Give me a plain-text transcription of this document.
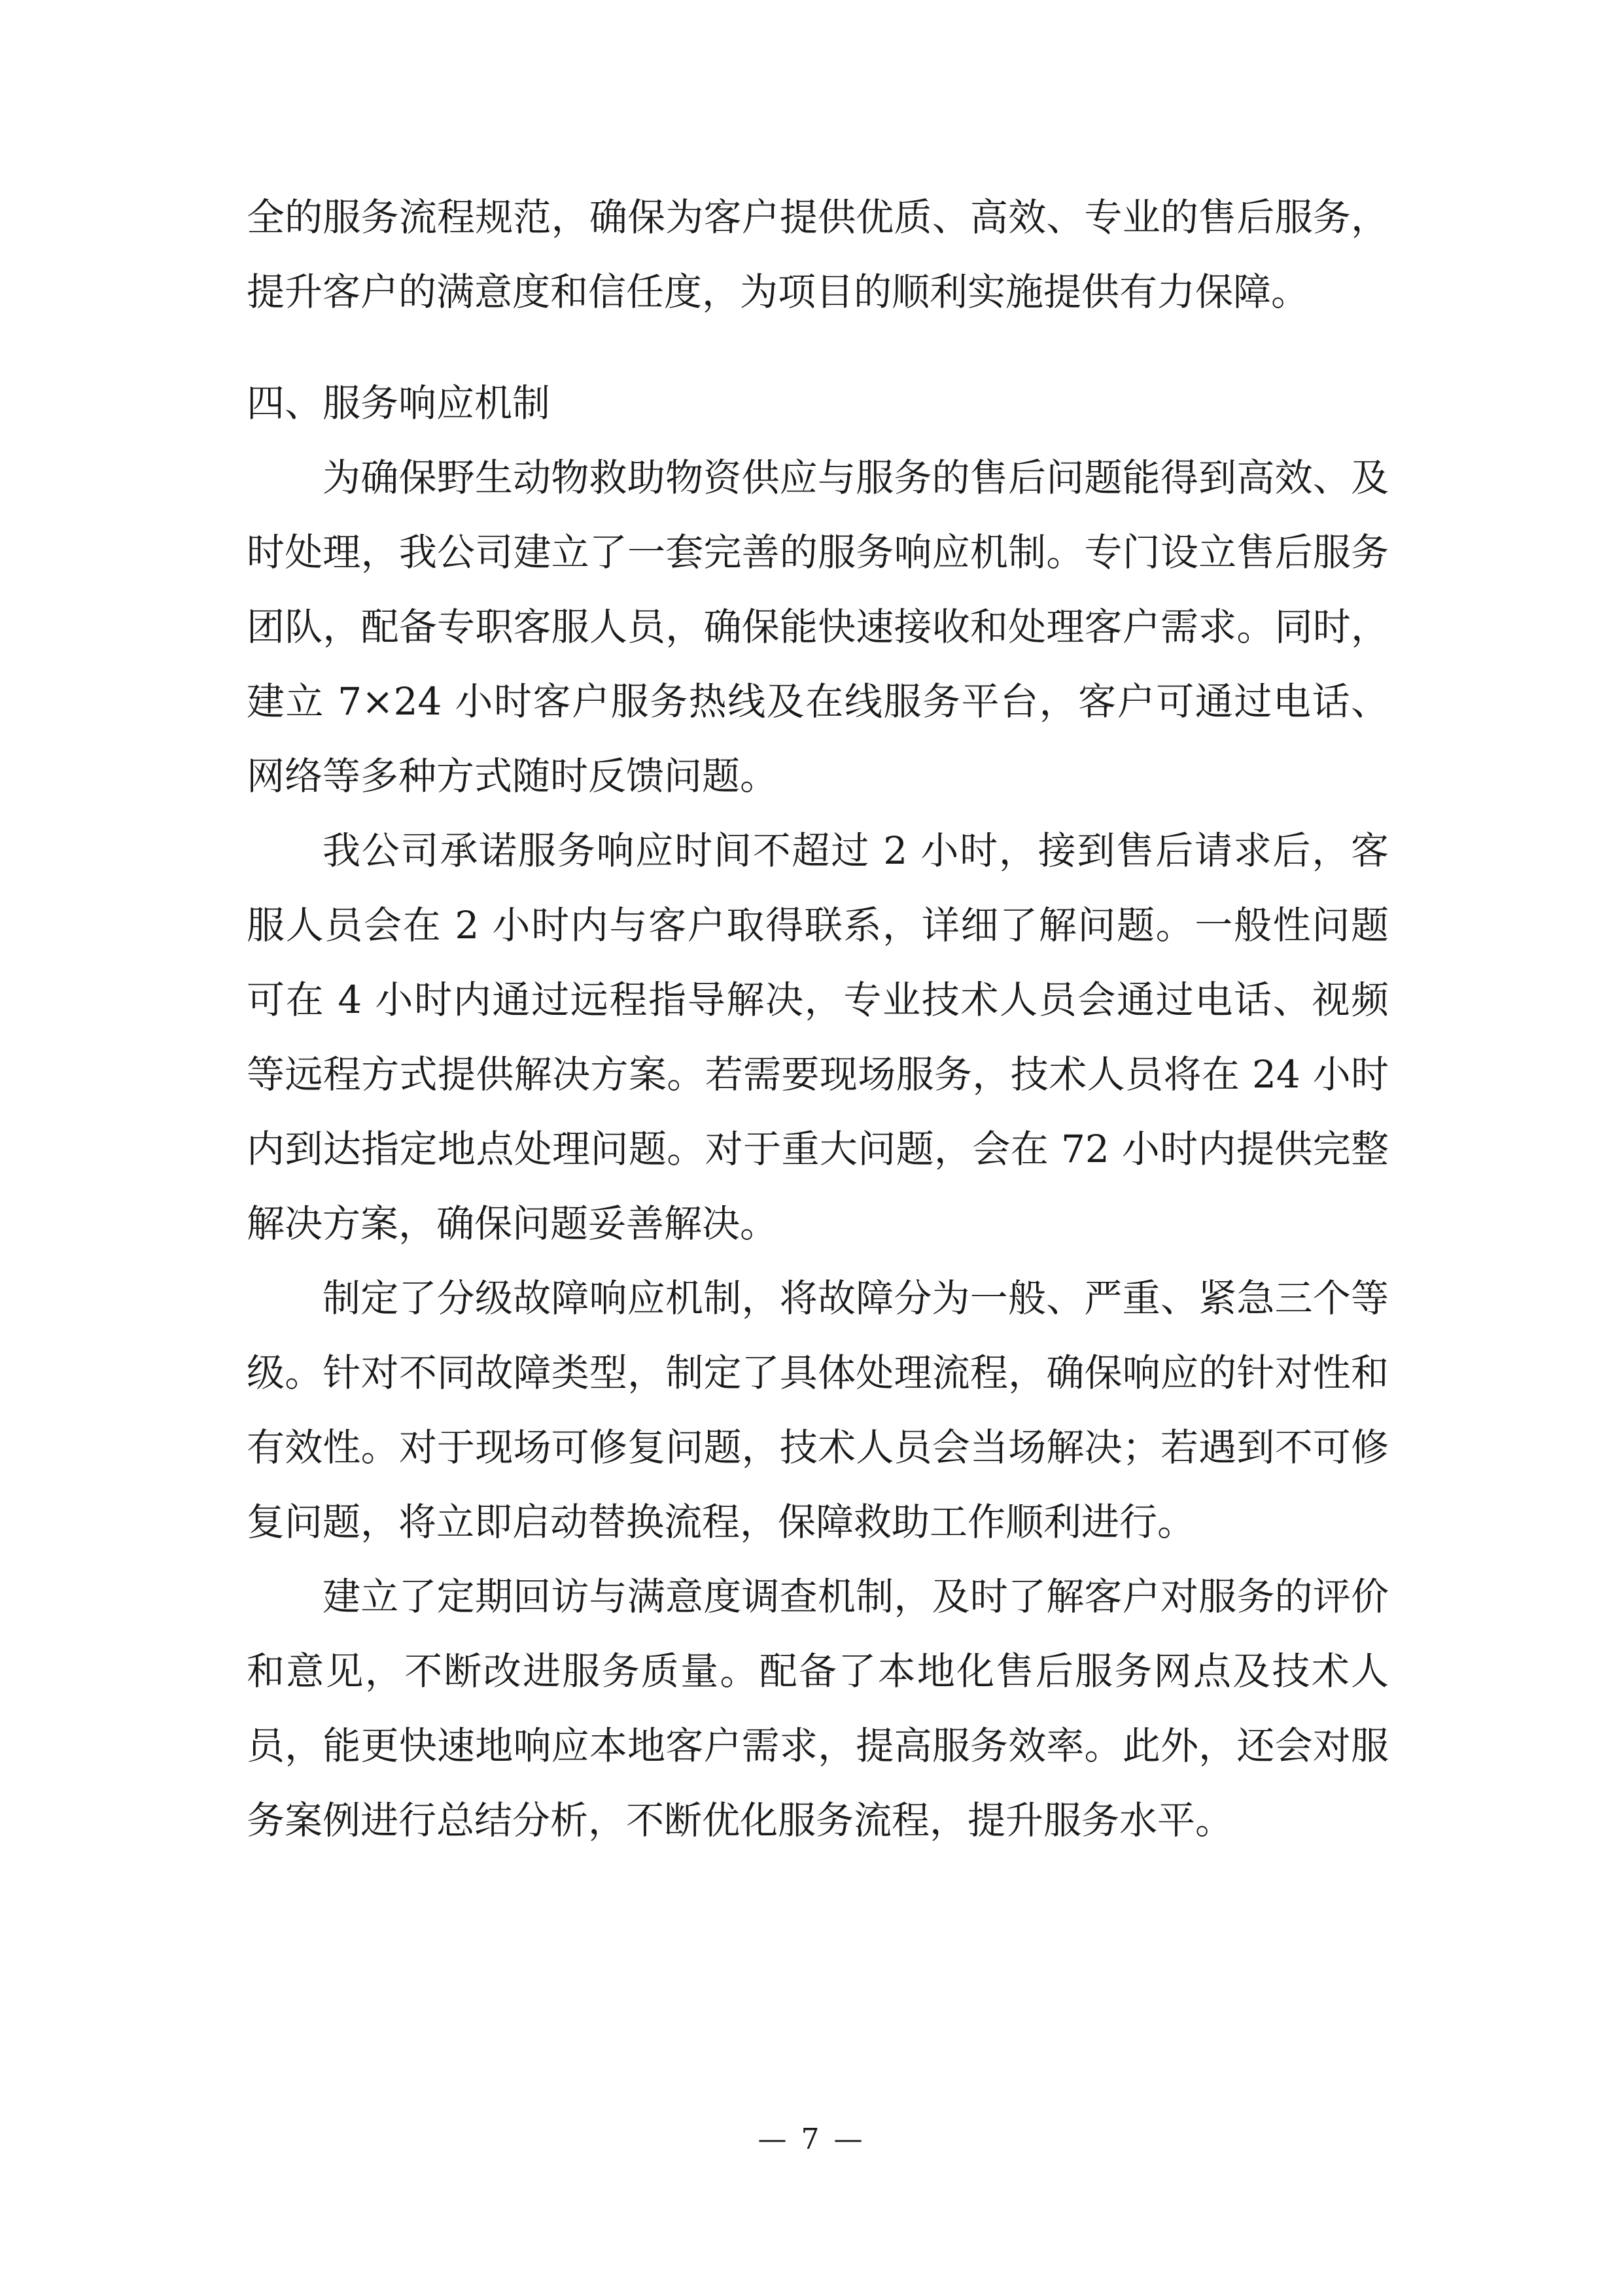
全的服务流程规范，确保为客户提供优质、高效、专业的售后服务，提升客户的满意度和信任度，为项目的顺利实施提供有力保障。

四、服务响应机制

为确保野生动物救助物资供应与服务的售后问题能得到高效、及时处理，我公司建立了一套完善的服务响应机制。专门设立售后服务团队，配备专职客服人员，确保能快速接收和处理客户需求。同时，建立 7×24 小时客户服务热线及在线服务平台，客户可通过电话、网络等多种方式随时反馈问题。

我公司承诺服务响应时间不超过 2 小时，接到售后请求后，客服人员会在 2 小时内与客户取得联系，详细了解问题。一般性问题可在 4 小时内通过远程指导解决，专业技术人员会通过电话、视频等远程方式提供解决方案。若需要现场服务，技术人员将在 24 小时内到达指定地点处理问题。对于重大问题，会在 72 小时内提供完整解决方案，确保问题妥善解决。

制定了分级故障响应机制，将故障分为一般、严重、紧急三个等级。针对不同故障类型，制定了具体处理流程，确保响应的针对性和有效性。对于现场可修复问题，技术人员会当场解决；若遇到不可修复问题，将立即启动替换流程，保障救助工作顺利进行。

建立了定期回访与满意度调查机制，及时了解客户对服务的评价和意见，不断改进服务质量。配备了本地化售后服务网点及技术人员，能更快速地响应本地客户需求，提高服务效率。此外，还会对服务案例进行总结分析，不断优化服务流程，提升服务水平。

— 7 —
